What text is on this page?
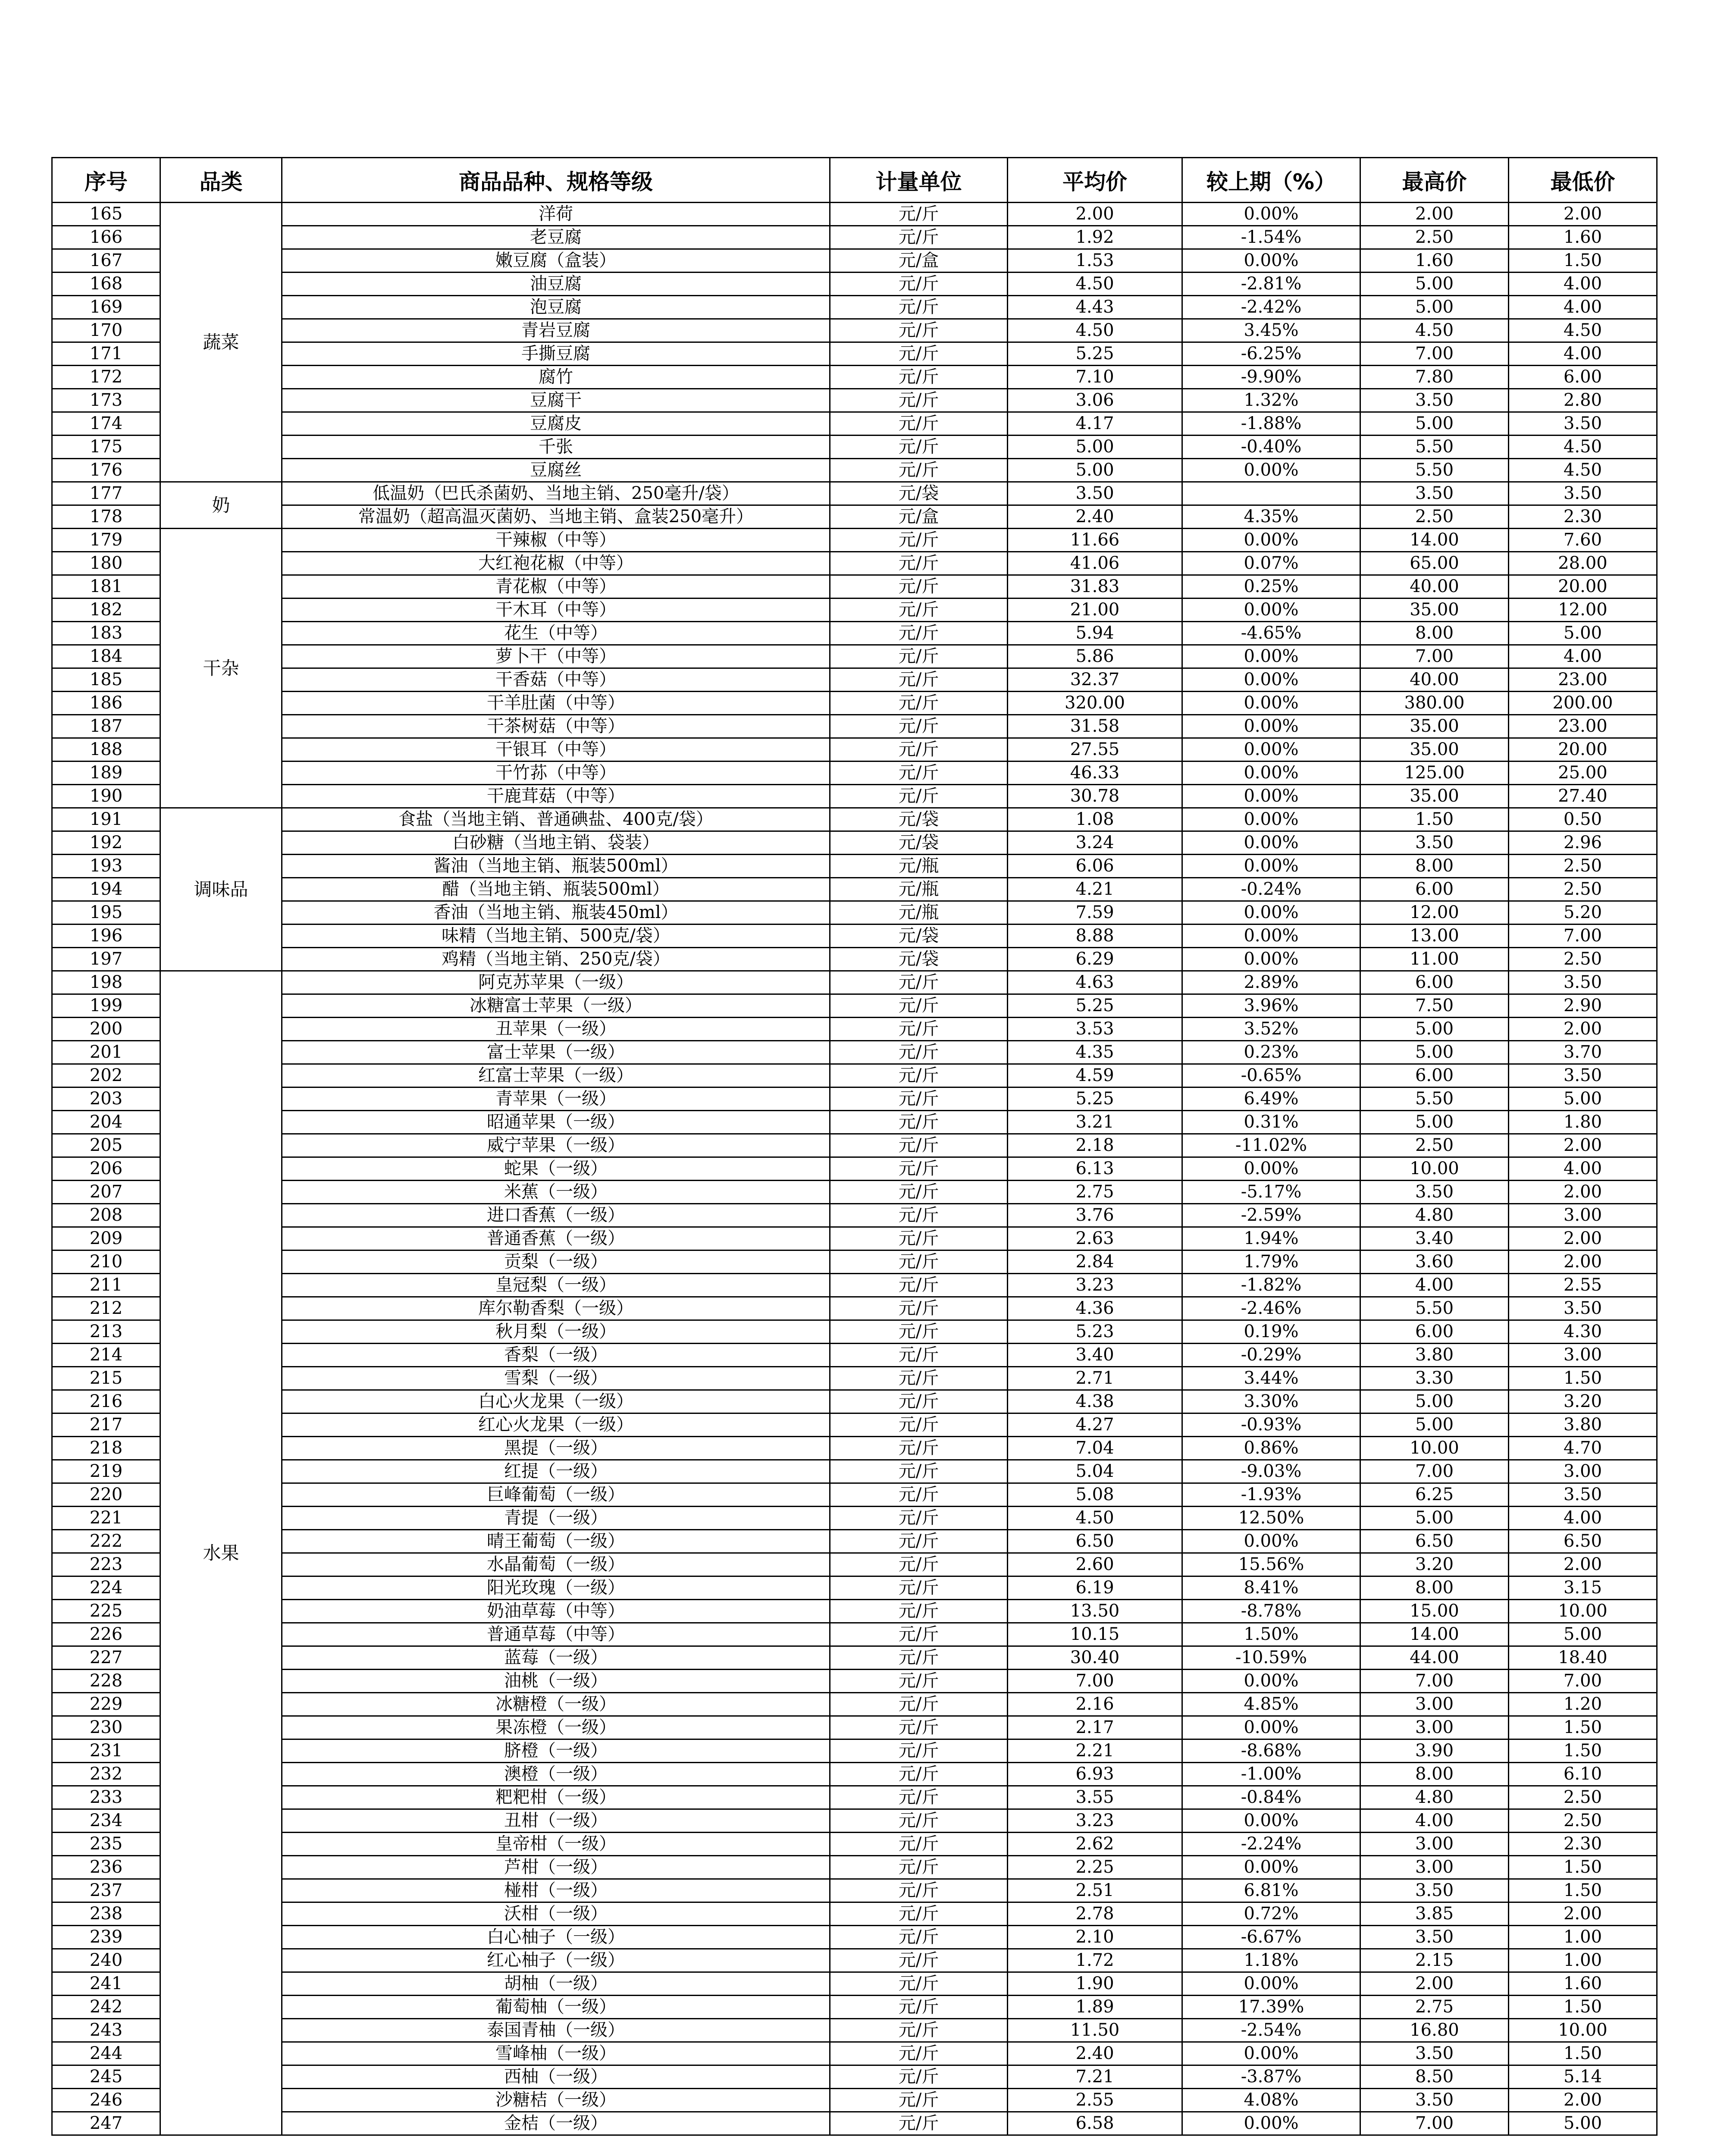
序号	品类	商品品种、规格等级	计量单位	平均价	较上期（%）	最高价	最低价
165	蔬菜	洋荷	元/斤	2.00	0.00%	2.00	2.00
166		老豆腐	元/斤	1.92	-1.54%	2.50	1.60
167		嫩豆腐（盒装）	元/盒	1.53	0.00%	1.60	1.50
168		油豆腐	元/斤	4.50	-2.81%	5.00	4.00
169		泡豆腐	元/斤	4.43	-2.42%	5.00	4.00
170		青岩豆腐	元/斤	4.50	3.45%	4.50	4.50
171		手撕豆腐	元/斤	5.25	-6.25%	7.00	4.00
172		腐竹	元/斤	7.10	-9.90%	7.80	6.00
173		豆腐干	元/斤	3.06	1.32%	3.50	2.80
174		豆腐皮	元/斤	4.17	-1.88%	5.00	3.50
175		千张	元/斤	5.00	-0.40%	5.50	4.50
176		豆腐丝	元/斤	5.00	0.00%	5.50	4.50
177	奶	低温奶（巴氏杀菌奶、当地主销、250毫升/袋）	元/袋	3.50		3.50	3.50
178		常温奶（超高温灭菌奶、当地主销、盒装250毫升）	元/盒	2.40	4.35%	2.50	2.30
179	干杂	干辣椒（中等）	元/斤	11.66	0.00%	14.00	7.60
180		大红袍花椒（中等）	元/斤	41.06	0.07%	65.00	28.00
181		青花椒（中等）	元/斤	31.83	0.25%	40.00	20.00
182		干木耳（中等）	元/斤	21.00	0.00%	35.00	12.00
183		花生（中等）	元/斤	5.94	-4.65%	8.00	5.00
184		萝卜干（中等）	元/斤	5.86	0.00%	7.00	4.00
185		干香菇（中等）	元/斤	32.37	0.00%	40.00	23.00
186		干羊肚菌（中等）	元/斤	320.00	0.00%	380.00	200.00
187		干茶树菇（中等）	元/斤	31.58	0.00%	35.00	23.00
188		干银耳（中等）	元/斤	27.55	0.00%	35.00	20.00
189		干竹荪（中等）	元/斤	46.33	0.00%	125.00	25.00
190		干鹿茸菇（中等）	元/斤	30.78	0.00%	35.00	27.40
191	调味品	食盐（当地主销、普通碘盐、400克/袋）	元/袋	1.08	0.00%	1.50	0.50
192		白砂糖（当地主销、袋装）	元/袋	3.24	0.00%	3.50	2.96
193		酱油（当地主销、瓶装500ml）	元/瓶	6.06	0.00%	8.00	2.50
194		醋（当地主销、瓶装500ml）	元/瓶	4.21	-0.24%	6.00	2.50
195		香油（当地主销、瓶装450ml）	元/瓶	7.59	0.00%	12.00	5.20
196		味精（当地主销、500克/袋）	元/袋	8.88	0.00%	13.00	7.00
197		鸡精（当地主销、250克/袋）	元/袋	6.29	0.00%	11.00	2.50
198	水果	阿克苏苹果（一级）	元/斤	4.63	2.89%	6.00	3.50
199		冰糖富士苹果（一级）	元/斤	5.25	3.96%	7.50	2.90
200		丑苹果（一级）	元/斤	3.53	3.52%	5.00	2.00
201		富士苹果（一级）	元/斤	4.35	0.23%	5.00	3.70
202		红富士苹果（一级）	元/斤	4.59	-0.65%	6.00	3.50
203		青苹果（一级）	元/斤	5.25	6.49%	5.50	5.00
204		昭通苹果（一级）	元/斤	3.21	0.31%	5.00	1.80
205		威宁苹果（一级）	元/斤	2.18	-11.02%	2.50	2.00
206		蛇果（一级）	元/斤	6.13	0.00%	10.00	4.00
207		米蕉（一级）	元/斤	2.75	-5.17%	3.50	2.00
208		进口香蕉（一级）	元/斤	3.76	-2.59%	4.80	3.00
209		普通香蕉（一级）	元/斤	2.63	1.94%	3.40	2.00
210		贡梨（一级）	元/斤	2.84	1.79%	3.60	2.00
211		皇冠梨（一级）	元/斤	3.23	-1.82%	4.00	2.55
212		库尔勒香梨（一级）	元/斤	4.36	-2.46%	5.50	3.50
213		秋月梨（一级）	元/斤	5.23	0.19%	6.00	4.30
214		香梨（一级）	元/斤	3.40	-0.29%	3.80	3.00
215		雪梨（一级）	元/斤	2.71	3.44%	3.30	1.50
216		白心火龙果（一级）	元/斤	4.38	3.30%	5.00	3.20
217		红心火龙果（一级）	元/斤	4.27	-0.93%	5.00	3.80
218		黑提（一级）	元/斤	7.04	0.86%	10.00	4.70
219		红提（一级）	元/斤	5.04	-9.03%	7.00	3.00
220		巨峰葡萄（一级）	元/斤	5.08	-1.93%	6.25	3.50
221		青提（一级）	元/斤	4.50	12.50%	5.00	4.00
222		晴王葡萄（一级）	元/斤	6.50	0.00%	6.50	6.50
223		水晶葡萄（一级）	元/斤	2.60	15.56%	3.20	2.00
224		阳光玫瑰（一级）	元/斤	6.19	8.41%	8.00	3.15
225		奶油草莓（中等）	元/斤	13.50	-8.78%	15.00	10.00
226		普通草莓（中等）	元/斤	10.15	1.50%	14.00	5.00
227		蓝莓（一级）	元/斤	30.40	-10.59%	44.00	18.40
228		油桃（一级）	元/斤	7.00	0.00%	7.00	7.00
229		冰糖橙（一级）	元/斤	2.16	4.85%	3.00	1.20
230		果冻橙（一级）	元/斤	2.17	0.00%	3.00	1.50
231		脐橙（一级）	元/斤	2.21	-8.68%	3.90	1.50
232		澳橙（一级）	元/斤	6.93	-1.00%	8.00	6.10
233		粑粑柑（一级）	元/斤	3.55	-0.84%	4.80	2.50
234		丑柑（一级）	元/斤	3.23	0.00%	4.00	2.50
235		皇帝柑（一级）	元/斤	2.62	-2.24%	3.00	2.30
236		芦柑（一级）	元/斤	2.25	0.00%	3.00	1.50
237		椪柑（一级）	元/斤	2.51	6.81%	3.50	1.50
238		沃柑（一级）	元/斤	2.78	0.72%	3.85	2.00
239		白心柚子（一级）	元/斤	2.10	-6.67%	3.50	1.00
240		红心柚子（一级）	元/斤	1.72	1.18%	2.15	1.00
241		胡柚（一级）	元/斤	1.90	0.00%	2.00	1.60
242		葡萄柚（一级）	元/斤	1.89	17.39%	2.75	1.50
243		泰国青柚（一级）	元/斤	11.50	-2.54%	16.80	10.00
244		雪峰柚（一级）	元/斤	2.40	0.00%	3.50	1.50
245		西柚（一级）	元/斤	7.21	-3.87%	8.50	5.14
246		沙糖桔（一级）	元/斤	2.55	4.08%	3.50	2.00
247		金桔（一级）	元/斤	6.58	0.00%	7.00	5.00
